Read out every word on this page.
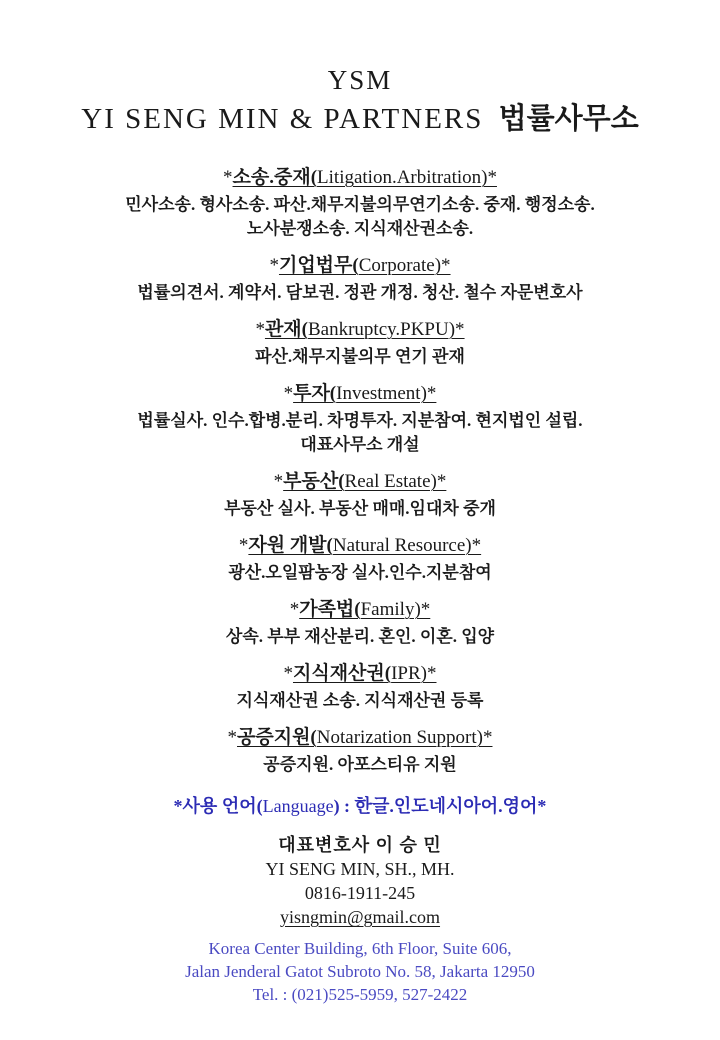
YSM
YI SENG MIN & PARTNERS 법률사무소
*소송.중재(Litigation.Arbitration)*
민사소송. 형사소송. 파산.채무지불의무연기소송. 중재. 행정소송.
노사분쟁소송. 지식재산권소송.
*기업법무(Corporate)*
법률의견서. 계약서. 담보권. 정관 개정. 청산. 철수 자문변호사
*관재(Bankruptcy.PKPU)*
파산.채무지불의무 연기 관재
*투자(Investment)*
법률실사. 인수.합병.분리. 차명투자. 지분참여. 현지법인 설립.
대표사무소 개설
*부동산(Real Estate)*
부동산 실사. 부동산 매매.임대차 중개
*자원 개발(Natural Resource)*
광산.오일팜농장 실사.인수.지분참여
*가족법(Family)*
상속. 부부 재산분리. 혼인. 이혼. 입양
*지식재산권(IPR)*
지식재산권 소송. 지식재산권 등록
*공증지원(Notarization Support)*
공증지원. 아포스티유 지원
*사용 언어(Language) : 한글.인도네시아어.영어*
대표변호사 이 승 민
YI SENG MIN, SH., MH.
0816-1911-245
yisngmin@gmail.com
Korea Center Building, 6th Floor, Suite 606,
Jalan Jenderal Gatot Subroto No. 58, Jakarta 12950
Tel. : (021)525-5959, 527-2422
